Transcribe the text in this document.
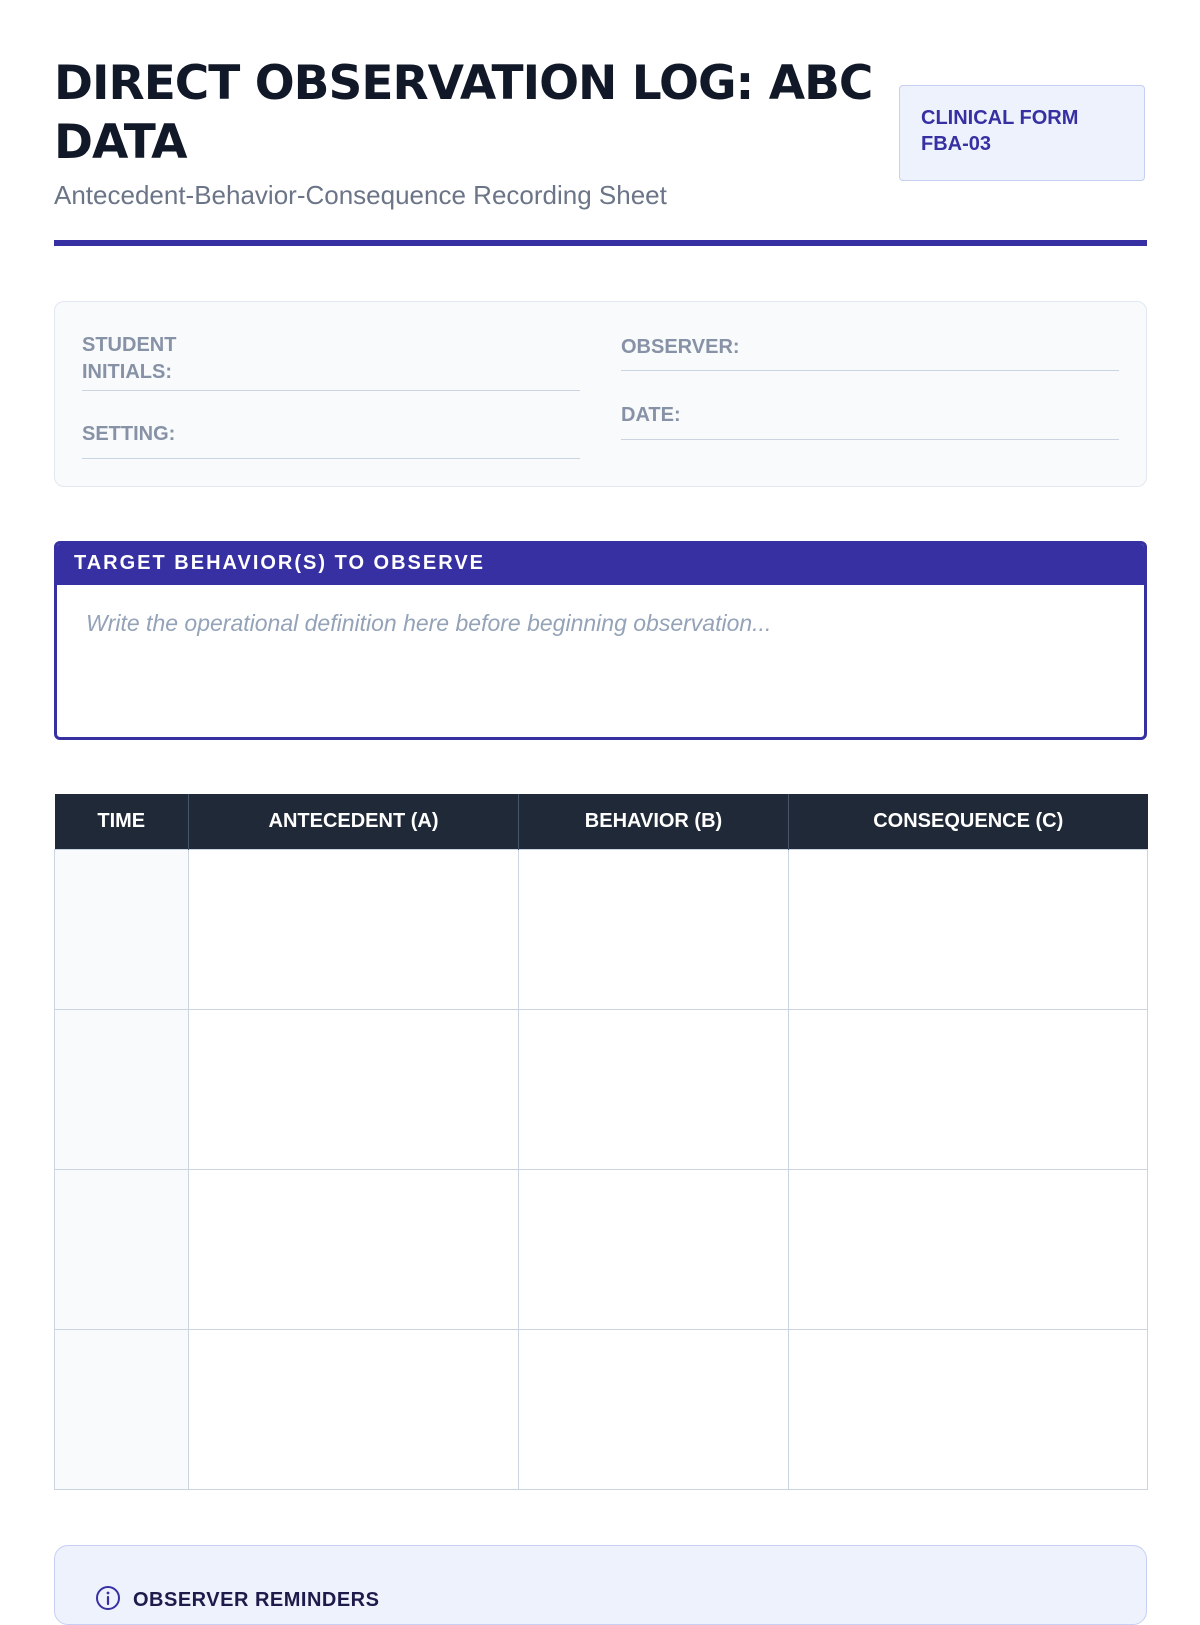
DIRECT OBSERVATION LOG: ABC DATA
Antecedent-Behavior-Consequence Recording Sheet
CLINICAL FORM FBA-03
STUDENT INITIALS:
SETTING:
OBSERVER:
DATE:
TARGET BEHAVIOR(S) TO OBSERVE
Write the operational definition here before beginning observation...
TIME	ANTECEDENT (A)	BEHAVIOR (B)	CONSEQUENCE (C)

OBSERVER REMINDERS
